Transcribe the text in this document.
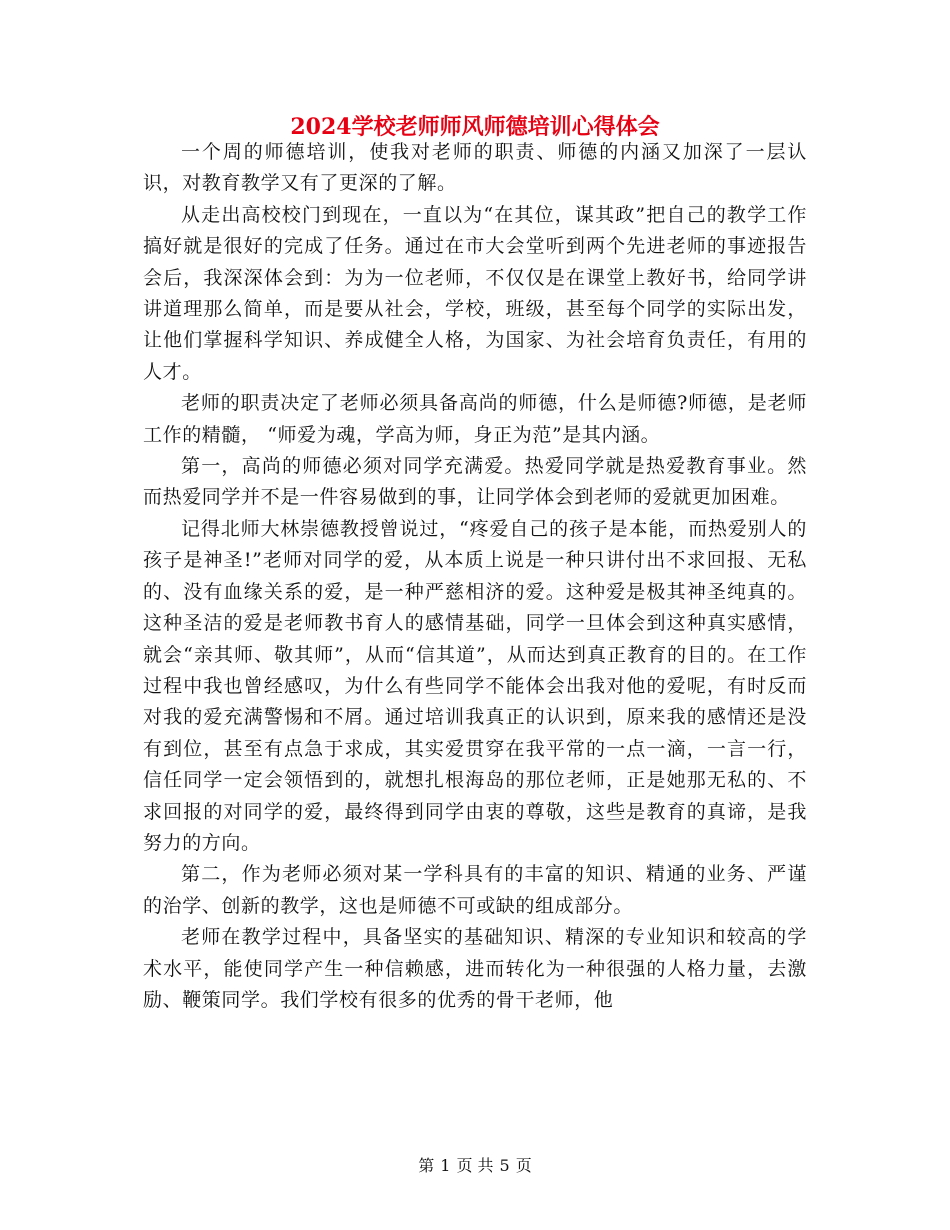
2024学校老师师风师德培训心得体会

一个周的师德培训，使我对老师的职责、师德的内涵又加深了一层认识，对教育教学又有了更深的了解。

从走出高校校门到现在，一直以为“在其位，谋其政”把自己的教学工作搞好就是很好的完成了任务。通过在市大会堂听到两个先进老师的事迹报告会后，我深深体会到：为为一位老师，不仅仅是在课堂上教好书，给同学讲讲道理那么简单，而是要从社会，学校，班级，甚至每个同学的实际出发，让他们掌握科学知识、养成健全人格，为国家、为社会培育负责任，有用的人才。

老师的职责决定了老师必须具备高尚的师德，什么是师德?师德，是老师工作的精髓， “师爱为魂，学高为师，身正为范”是其内涵。

第一，高尚的师德必须对同学充满爱。热爱同学就是热爱教育事业。然而热爱同学并不是一件容易做到的事，让同学体会到老师的爱就更加困难。

记得北师大林崇德教授曾说过，“疼爱自己的孩子是本能，而热爱别人的孩子是神圣!”老师对同学的爱，从本质上说是一种只讲付出不求回报、无私的、没有血缘关系的爱，是一种严慈相济的爱。这种爱是极其神圣纯真的。这种圣洁的爱是老师教书育人的感情基础，同学一旦体会到这种真实感情，就会“亲其师、敬其师”，从而“信其道”，从而达到真正教育的目的。在工作过程中我也曾经感叹，为什么有些同学不能体会出我对他的爱呢，有时反而对我的爱充满警惕和不屑。通过培训我真正的认识到，原来我的感情还是没有到位，甚至有点急于求成，其实爱贯穿在我平常的一点一滴，一言一行，信任同学一定会领悟到的，就想扎根海岛的那位老师，正是她那无私的、不求回报的对同学的爱，最终得到同学由衷的尊敬，这些是教育的真谛，是我努力的方向。

第二，作为老师必须对某一学科具有的丰富的知识、精通的业务、严谨的治学、创新的教学，这也是师德不可或缺的组成部分。

老师在教学过程中，具备坚实的基础知识、精深的专业知识和较高的学术水平，能使同学产生一种信赖感，进而转化为一种很强的人格力量，去激励、鞭策同学。我们学校有很多的优秀的骨干老师，他

第 1 页 共 5 页
